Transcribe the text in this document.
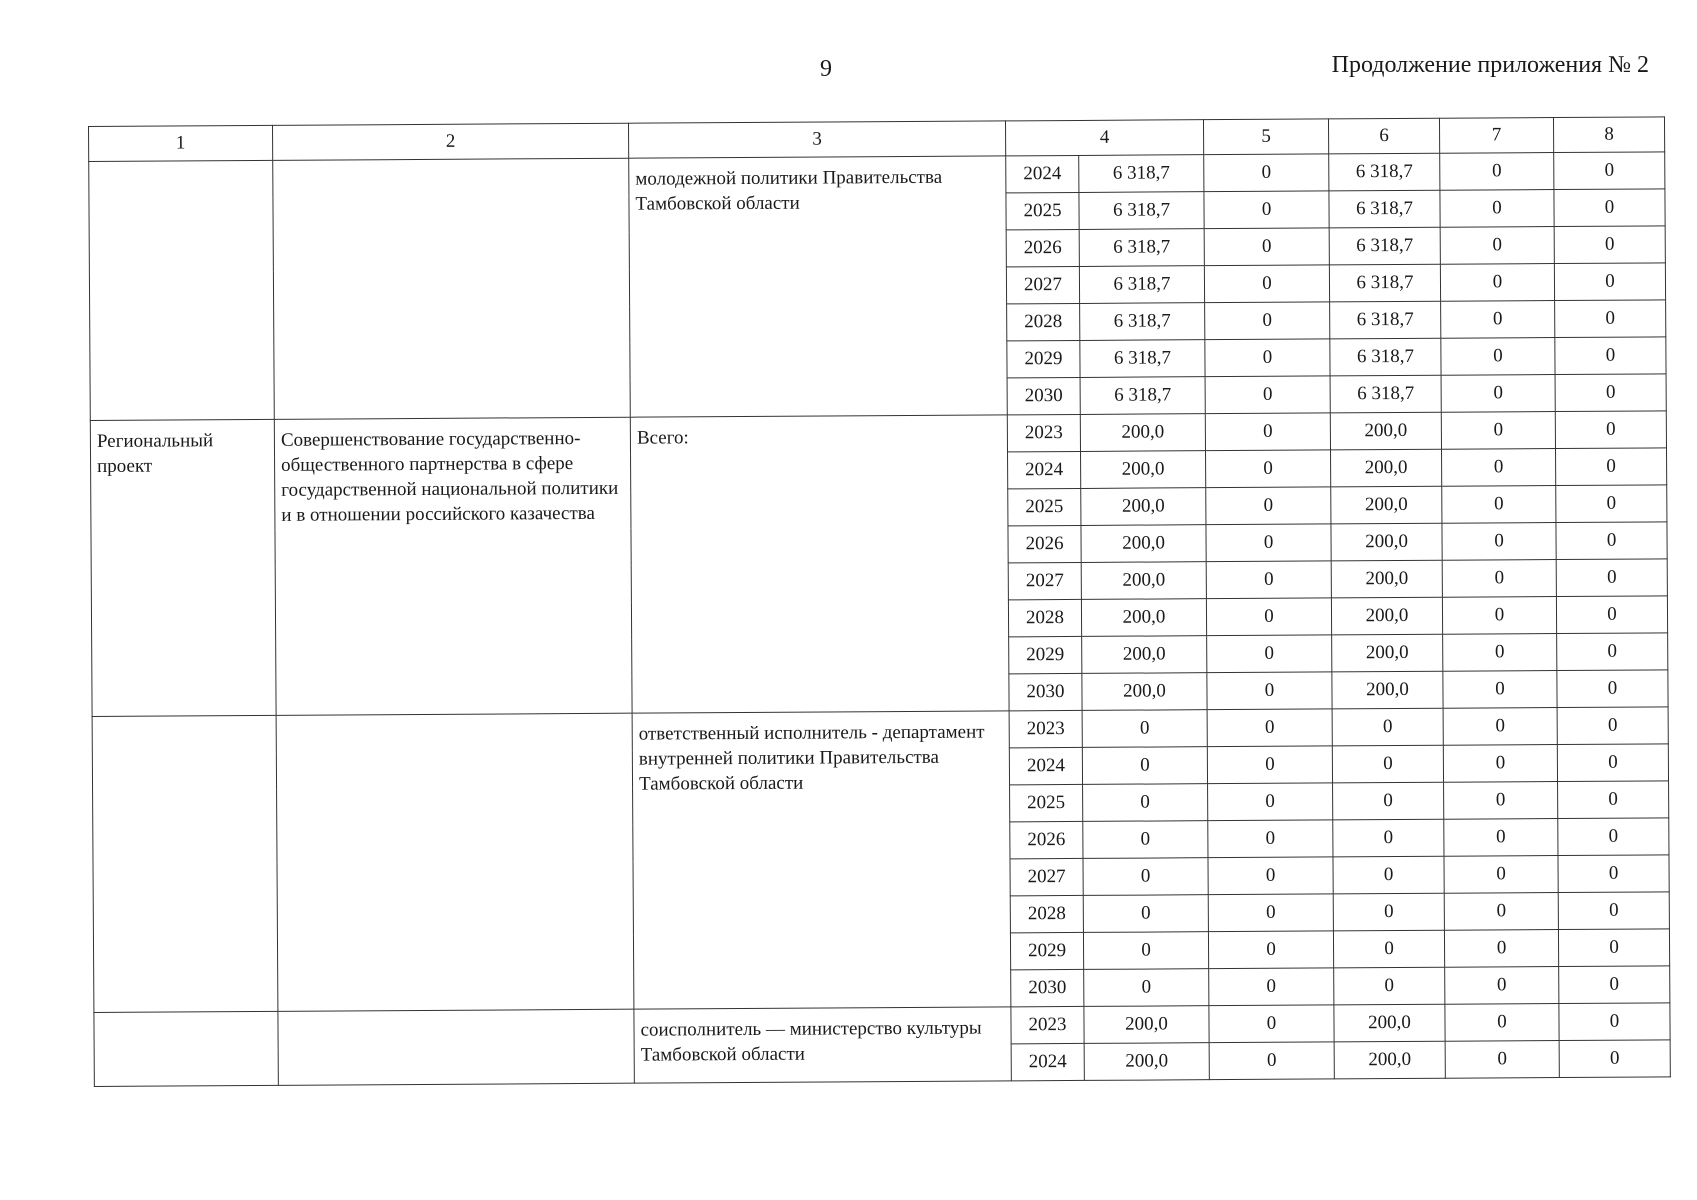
9	Продолжение приложения № 2
1	2	3	4		5	6	7	8
		молодежной политики Правительства Тамбовской области	2024	6 318,7	0	6 318,7	0	0
			2025	6 318,7	0	6 318,7	0	0
			2026	6 318,7	0	6 318,7	0	0
			2027	6 318,7	0	6 318,7	0	0
			2028	6 318,7	0	6 318,7	0	0
			2029	6 318,7	0	6 318,7	0	0
			2030	6 318,7	0	6 318,7	0	0
Региональный проект	Совершенствование государственно-общественного партнерства в сфере государственной национальной политики и в отношении российского казачества	Всего:	2023	200,0	0	200,0	0	0
			2024	200,0	0	200,0	0	0
			2025	200,0	0	200,0	0	0
			2026	200,0	0	200,0	0	0
			2027	200,0	0	200,0	0	0
			2028	200,0	0	200,0	0	0
			2029	200,0	0	200,0	0	0
			2030	200,0	0	200,0	0	0
		ответственный исполнитель - департамент внутренней политики Правительства Тамбовской области	2023	0	0	0	0	0
			2024	0	0	0	0	0
			2025	0	0	0	0	0
			2026	0	0	0	0	0
			2027	0	0	0	0	0
			2028	0	0	0	0	0
			2029	0	0	0	0	0
			2030	0	0	0	0	0
		соисполнитель — министерство культуры Тамбовской области	2023	200,0	0	200,0	0	0
			2024	200,0	0	200,0	0	0
